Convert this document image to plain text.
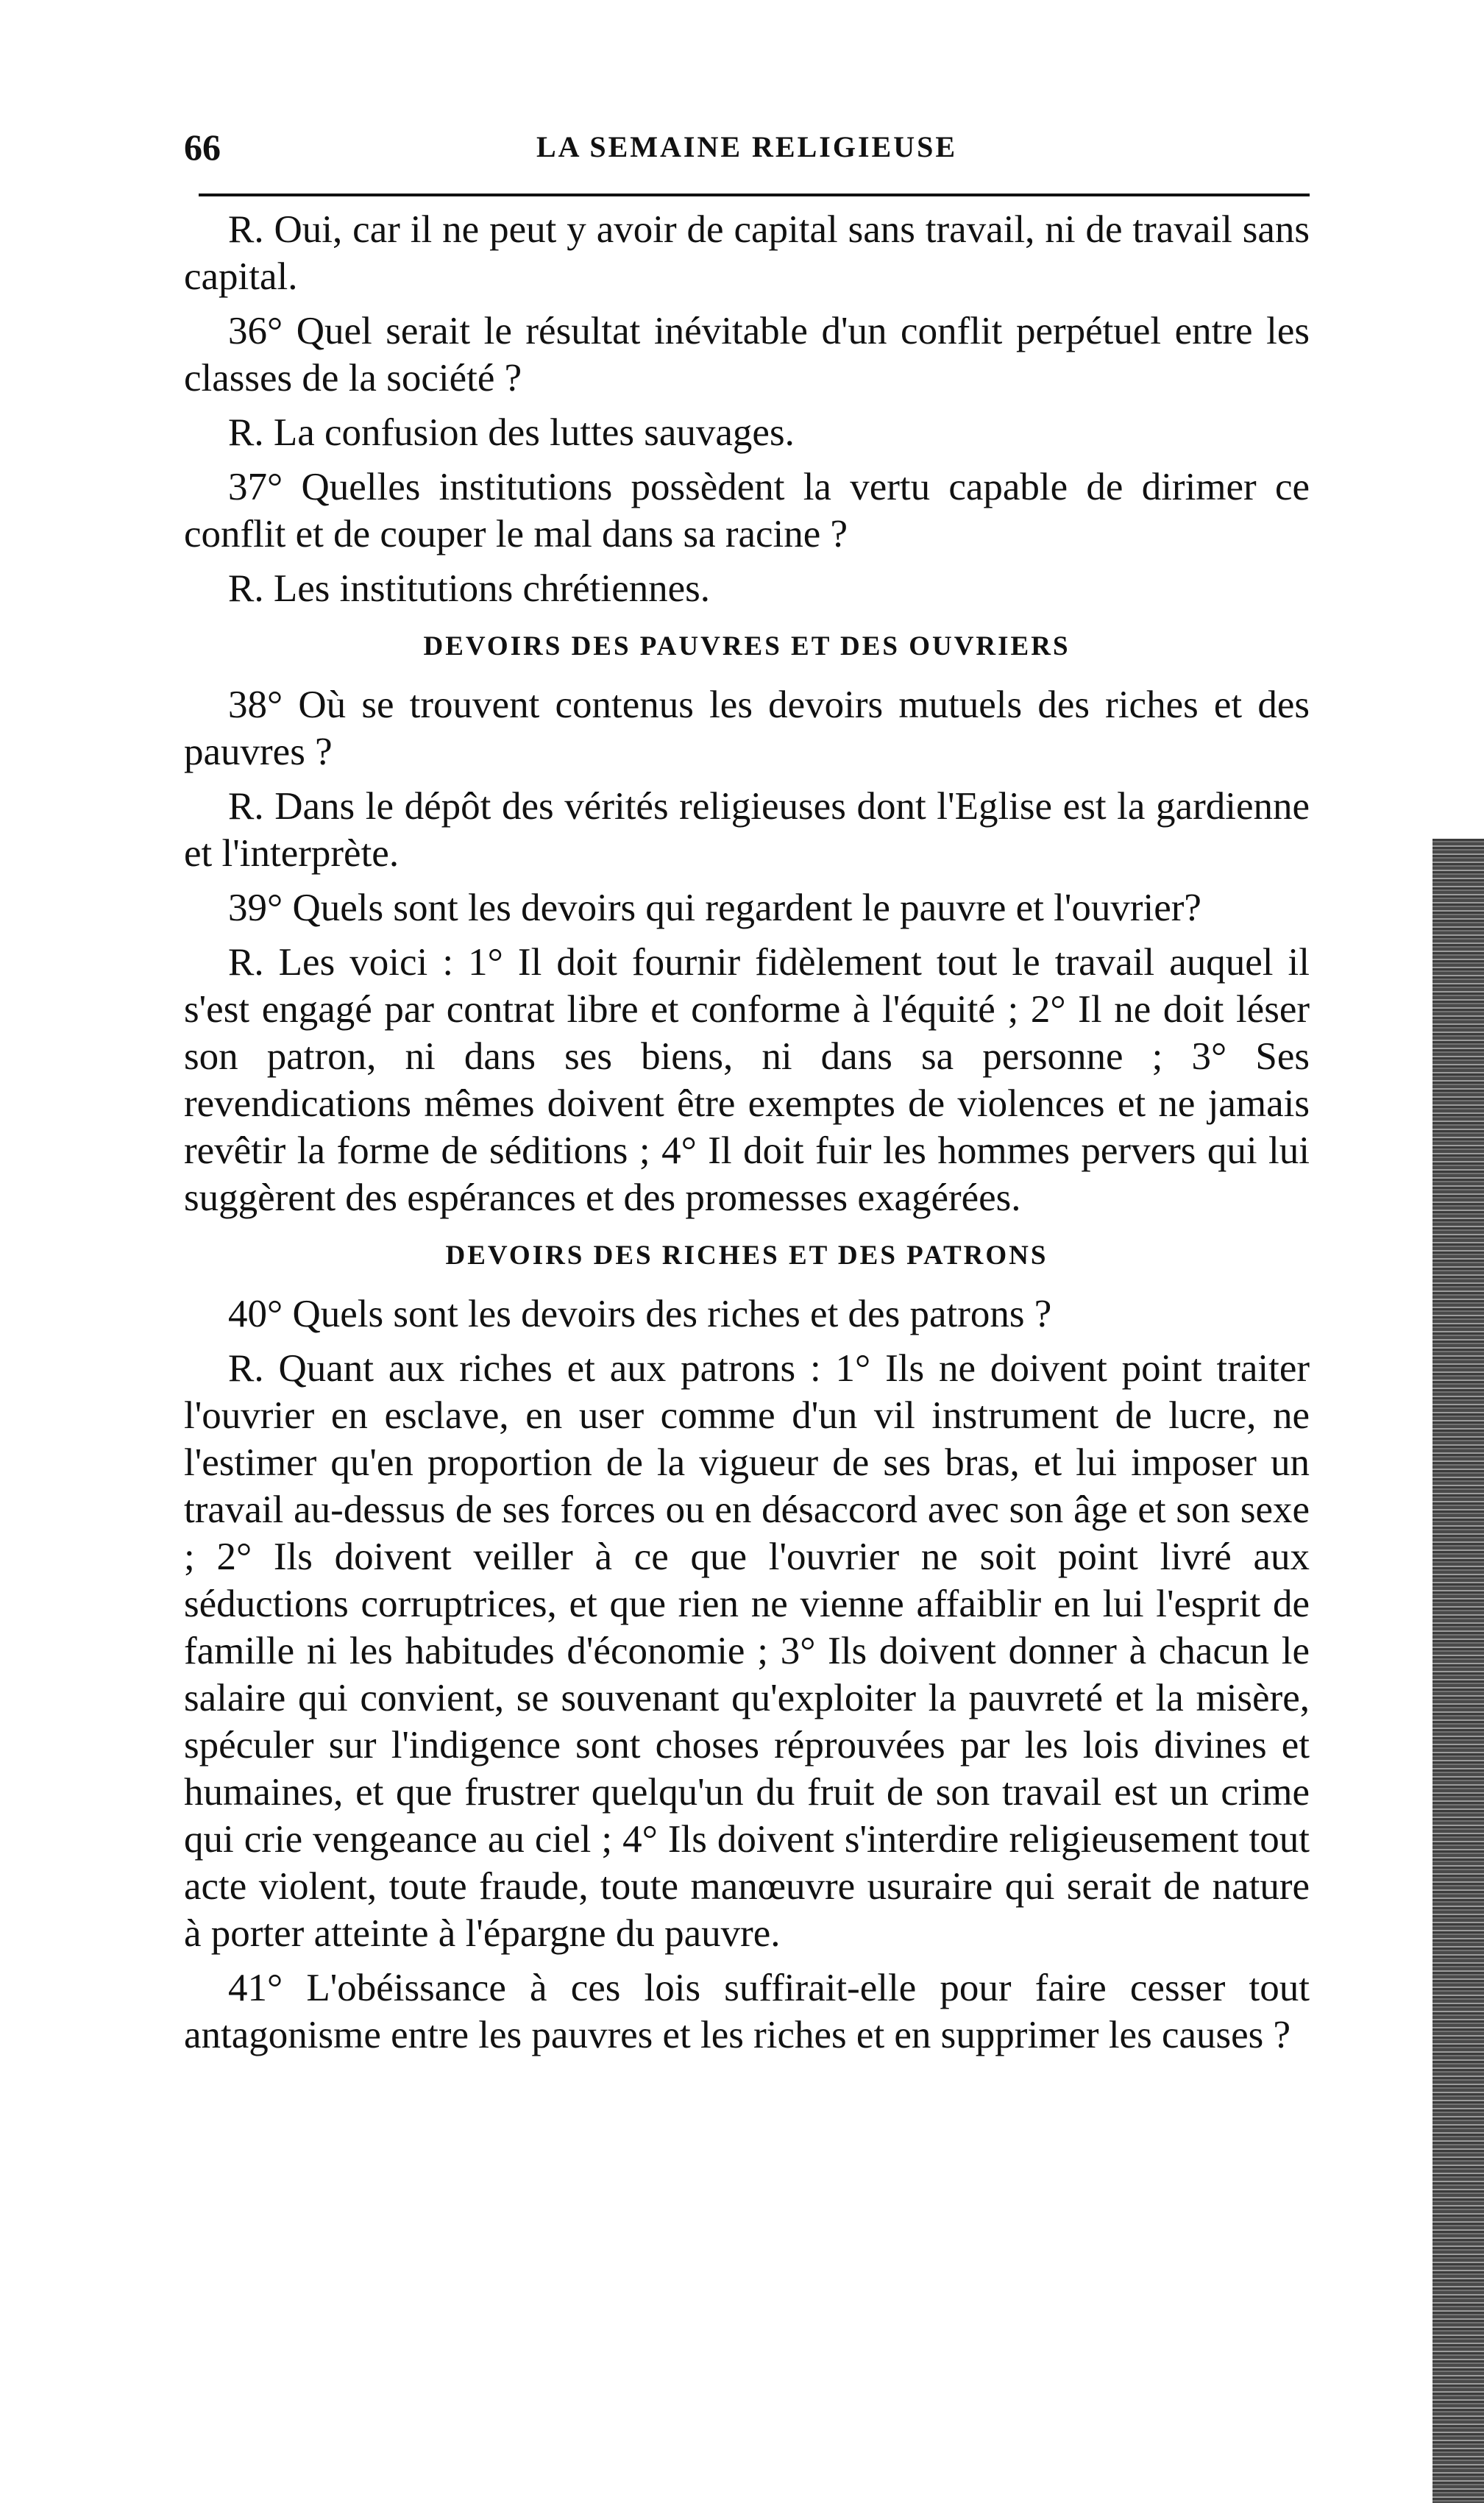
66	LA SEMAINE RELIGIEUSE

R. Oui, car il ne peut y avoir de capital sans travail, ni de travail sans capital.

36° Quel serait le résultat inévitable d'un conflit perpétuel entre les classes de la société ?

R. La confusion des luttes sauvages.

37° Quelles institutions possèdent la vertu capable de dirimer ce conflit et de couper le mal dans sa racine ?

R. Les institutions chrétiennes.

DEVOIRS DES PAUVRES ET DES OUVRIERS

38° Où se trouvent contenus les devoirs mutuels des riches et des pauvres ?

R. Dans le dépôt des vérités religieuses dont l'Eglise est la gardienne et l'interprète.

39° Quels sont les devoirs qui regardent le pauvre et l'ouvrier?

R. Les voici : 1° Il doit fournir fidèlement tout le travail auquel il s'est engagé par contrat libre et conforme à l'équité ; 2° Il ne doit léser son patron, ni dans ses biens, ni dans sa personne ; 3° Ses revendications mêmes doivent être exemptes de violences et ne jamais revêtir la forme de séditions ; 4° Il doit fuir les hommes pervers qui lui suggèrent des espérances et des promesses exagérées.

DEVOIRS DES RICHES ET DES PATRONS

40° Quels sont les devoirs des riches et des patrons ?

R. Quant aux riches et aux patrons : 1° Ils ne doivent point traiter l'ouvrier en esclave, en user comme d'un vil instrument de lucre, ne l'estimer qu'en proportion de la vigueur de ses bras, et lui imposer un travail au-dessus de ses forces ou en désaccord avec son âge et son sexe ; 2° Ils doivent veiller à ce que l'ouvrier ne soit point livré aux séductions corruptrices, et que rien ne vienne affaiblir en lui l'esprit de famille ni les habitudes d'économie ; 3° Ils doivent donner à chacun le salaire qui convient, se souvenant qu'exploiter la pauvreté et la misère, spéculer sur l'indigence sont choses réprouvées par les lois divines et humaines, et que frustrer quelqu'un du fruit de son travail est un crime qui crie vengeance au ciel ; 4° Ils doivent s'interdire religieusement tout acte violent, toute fraude, toute manœuvre usuraire qui serait de nature à porter atteinte à l'épargne du pauvre.

41° L'obéissance à ces lois suffirait-elle pour faire cesser tout antagonisme entre les pauvres et les riches et en supprimer les causes ?
